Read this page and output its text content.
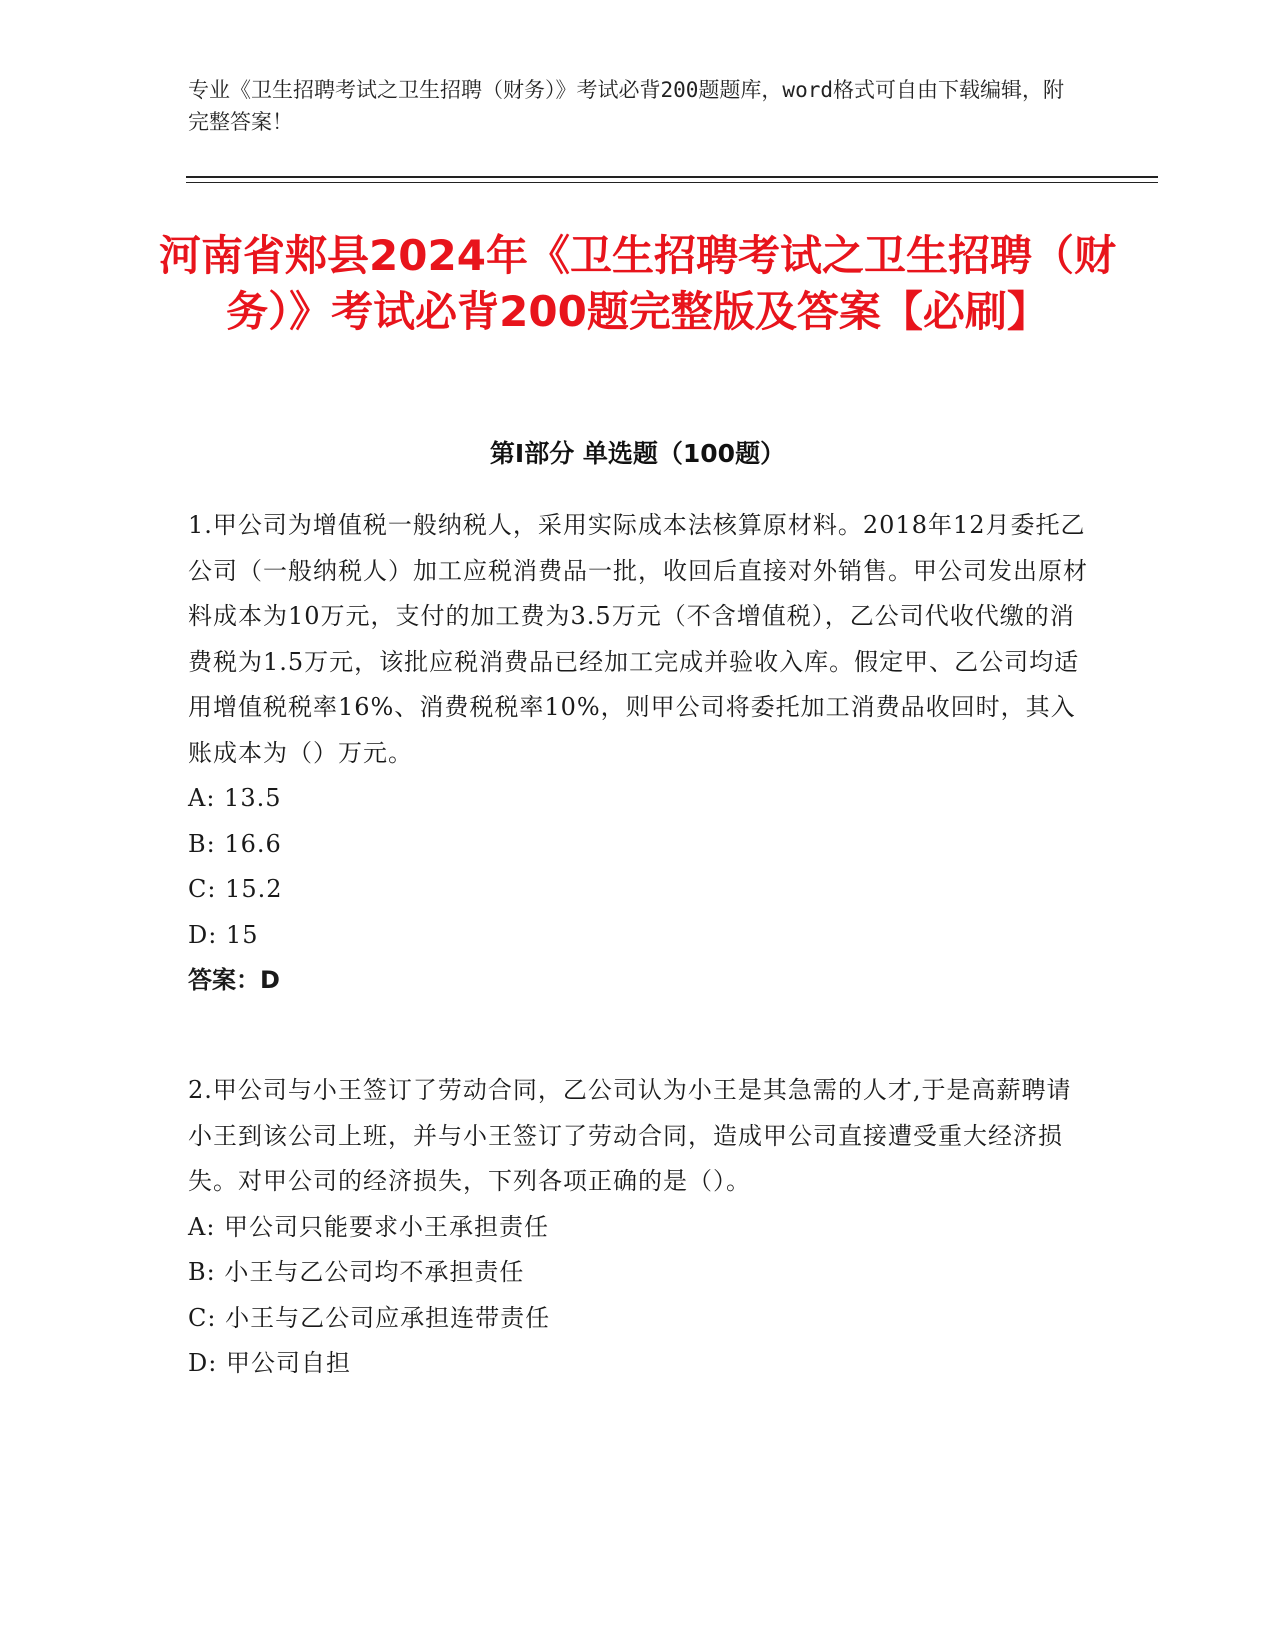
专业《卫生招聘考试之卫生招聘（财务）》考试必背200题题库，word格式可自由下载编辑，附完整答案！
河南省郏县2024年《卫生招聘考试之卫生招聘（财务）》考试必背200题完整版及答案【必刷】
第I部分 单选题（100题）

1.甲公司为增值税一般纳税人，采用实际成本法核算原材料。2018年12月委托乙公司（一般纳税人）加工应税消费品一批，收回后直接对外销售。甲公司发出原材料成本为10万元，支付的加工费为3.5万元（不含增值税），乙公司代收代缴的消费税为1.5万元，该批应税消费品已经加工完成并验收入库。假定甲、乙公司均适用增值税税率16%、消费税税率10%，则甲公司将委托加工消费品收回时，其入账成本为（）万元。

A: 13.5

B: 16.6

C: 15.2

D: 15

答案：D

2.甲公司与小王签订了劳动合同，乙公司认为小王是其急需的人才,于是高薪聘请小王到该公司上班，并与小王签订了劳动合同，造成甲公司直接遭受重大经济损失。对甲公司的经济损失，下列各项正确的是（）。

A: 甲公司只能要求小王承担责任

B: 小王与乙公司均不承担责任

C: 小王与乙公司应承担连带责任

D: 甲公司自担
